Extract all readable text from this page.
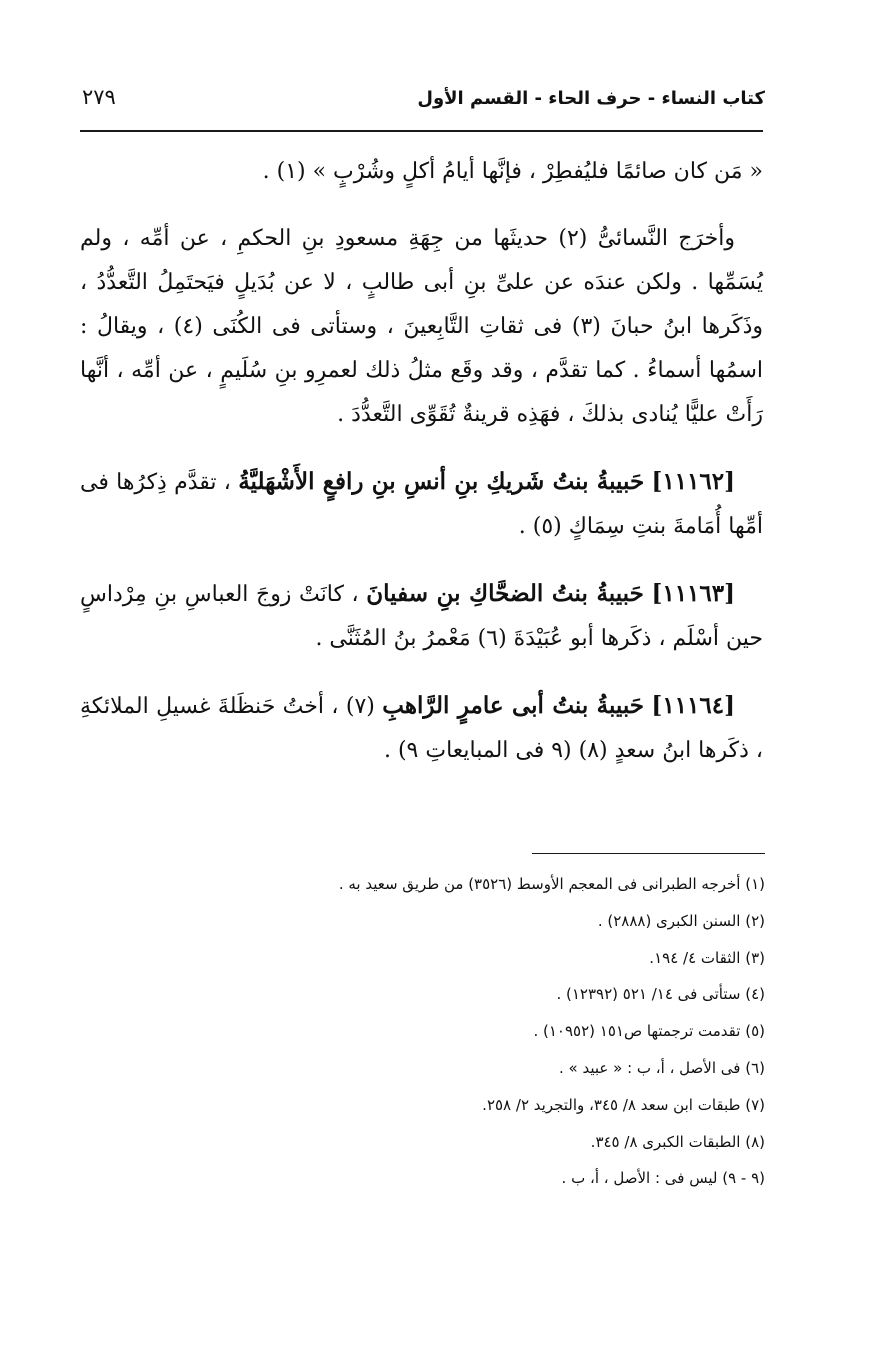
كتاب النساء - حرف الحاء - القسم الأول
٢٧٩

« مَن كان صائمًا فليُفطِرْ ، فإنَّها أيامُ أكلٍ وشُرْبٍ » (١) .

وأخرَج النَّسائىُّ (٢) حديثَها من جِهَةِ مسعودِ بنِ الحكمِ ، عن أمِّه ، ولم يُسَمِّها . ولكن عندَه عن علىِّ بنِ أبى طالبٍ ، لا عن بُدَيلٍ فيَحتَمِلُ التَّعدُّدُ ، وذَكَرها ابنُ حبانَ (٣) فى ثقاتِ التَّابِعينَ ، وستأتى فى الكُنَى (٤) ، ويقالُ : اسمُها أسماءُ . كما تقدَّم ، وقد وقَع مثلُ ذلك لعمرِو بنِ سُلَيمٍ ، عن أمِّه ، أنَّها رَأَتْ عليًّا يُنادى بذلكَ ، فهَذِه قرينةٌ تُقَوِّى التَّعدُّدَ .

[١١١٦٢] حَبيبةُ بنتُ شَريكِ بنِ أنسِ بنِ رافعٍ الأَشْهَليَّةُ ، تقدَّم ذِكرُها فى أمِّها أُمَامةَ بنتِ سِمَاكٍ (٥) .

[١١١٦٣] حَبيبةُ بنتُ الضحَّاكِ بنِ سفيانَ ، كانَتْ زوجَ العباسِ بنِ مِرْداسٍ حين أسْلَم ، ذكَرها أبو عُبَيْدَةَ (٦) مَعْمرُ بنُ المُثَنَّى .

[١١١٦٤] حَبيبةُ بنتُ أبى عامرٍ الرَّاهبِ (٧) ، أختُ حَنظَلةَ غسيلِ الملائكةِ ، ذكَرها ابنُ سعدٍ (٨) (٩ فى المبايعاتِ ٩) .

(١) أخرجه الطبرانى فى المعجم الأوسط (٣٥٢٦) من طريق سعيد به .
(٢) السنن الكبرى (٢٨٨٨) .
(٣) الثقات ٤/ ١٩٤.
(٤) ستأتى فى ١٤/ ٥٢١ (١٢٣٩٢) .
(٥) تقدمت ترجمتها ص١٥١ (١٠٩٥٢) .
(٦) فى الأصل ، أ، ب : « عبيد » .
(٧) طبقات ابن سعد ٨/ ٣٤٥، والتجريد ٢/ ٢٥٨.
(٨) الطبقات الكبرى ٨/ ٣٤٥.
(٩ - ٩) ليس فى : الأصل ، أ، ب .
